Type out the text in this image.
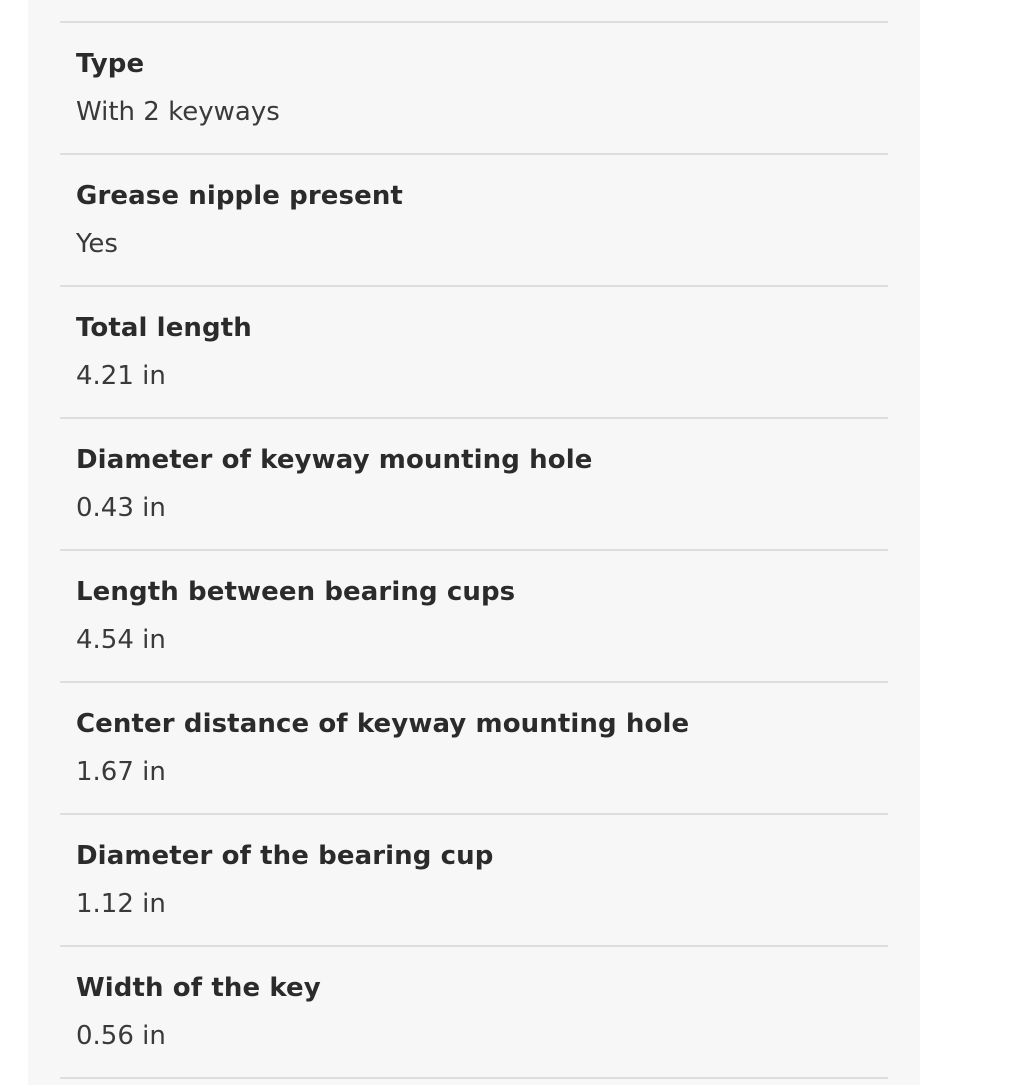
Type
With 2 keyways
Grease nipple present
Yes
Total length
4.21 in
Diameter of keyway mounting hole
0.43 in
Length between bearing cups
4.54 in
Center distance of keyway mounting hole
1.67 in
Diameter of the bearing cup
1.12 in
Width of the key
0.56 in
